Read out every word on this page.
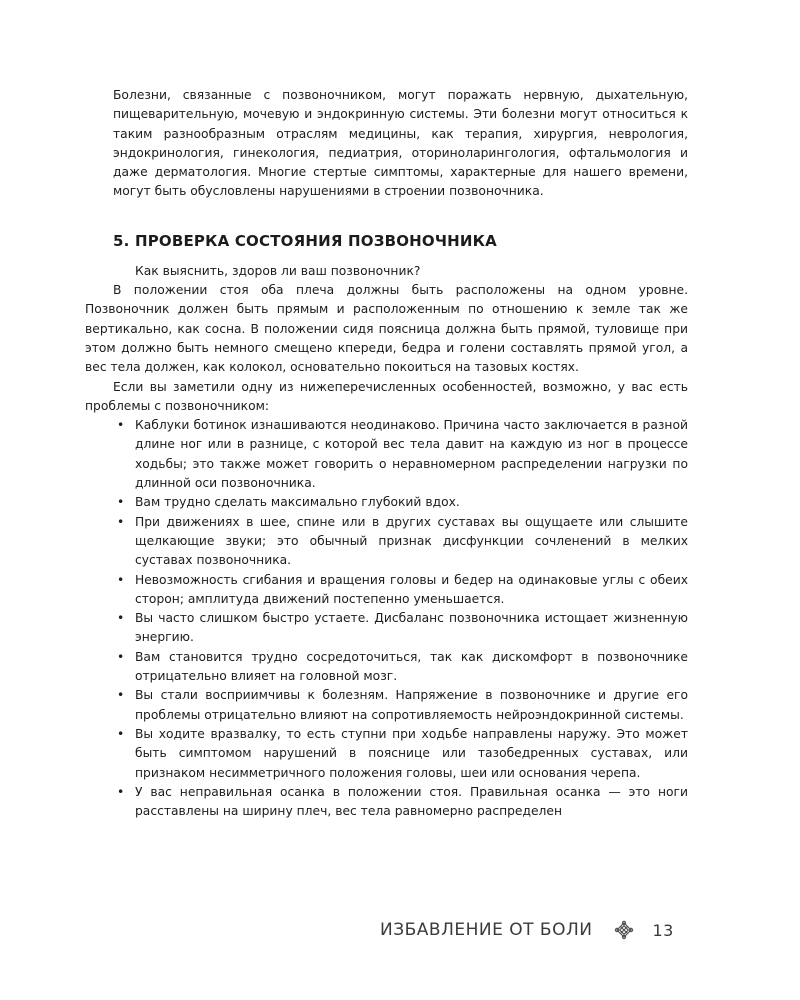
Болезни, связанные с позвоночником, могут поражать нервную, дыхательную, пищеварительную, мочевую и эндокринную системы. Эти болезни могут относиться к таким разнообразным отраслям медицины, как терапия, хирургия, неврология, эндокринология, гинекология, педиатрия, оториноларингология, офтальмология и даже дерматология. Многие стертые симптомы, характерные для нашего времени, могут быть обусловлены нарушениями в строении позвоночника.

5. ПРОВЕРКА СОСТОЯНИЯ ПОЗВОНОЧНИКА

Как выяснить, здоров ли ваш позвоночник?

В положении стоя оба плеча должны быть расположены на одном уровне. Позвоночник должен быть прямым и расположенным по отношению к земле так же вертикально, как сосна. В положении сидя поясница должна быть прямой, туловище при этом должно быть немного смещено кпереди, бедра и голени составлять прямой угол, а вес тела должен, как колокол, основательно покоиться на тазовых костях.

Если вы заметили одну из нижеперечисленных особенностей, возможно, у вас есть проблемы с позвоночником:

• Каблуки ботинок изнашиваются неодинаково. Причина часто заключается в разной длине ног или в разнице, с которой вес тела давит на каждую из ног в процессе ходьбы; это также может говорить о неравномерном распределении нагрузки по длинной оси позвоночника.
• Вам трудно сделать максимально глубокий вдох.
• При движениях в шее, спине или в других суставах вы ощущаете или слышите щелкающие звуки; это обычный признак дисфункции сочленений в мелких суставах позвоночника.
• Невозможность сгибания и вращения головы и бедер на одинаковые углы с обеих сторон; амплитуда движений постепенно уменьшается.
• Вы часто слишком быстро устаете. Дисбаланс позвоночника истощает жизненную энергию.
• Вам становится трудно сосредоточиться, так как дискомфорт в позвоночнике отрицательно влияет на головной мозг.
• Вы стали восприимчивы к болезням. Напряжение в позвоночнике и другие его проблемы отрицательно влияют на сопротивляемость нейроэндокринной системы.
• Вы ходите вразвалку, то есть ступни при ходьбе направлены наружу. Это может быть симптомом нарушений в пояснице или тазобедренных суставах, или признаком несимметричного положения головы, шеи или основания черепа.
• У вас неправильная осанка в положении стоя. Правильная осанка — это ноги расставлены на ширину плеч, вес тела равномерно распределен
ИЗБАВЛЕНИЕ ОТ БОЛИ	13
